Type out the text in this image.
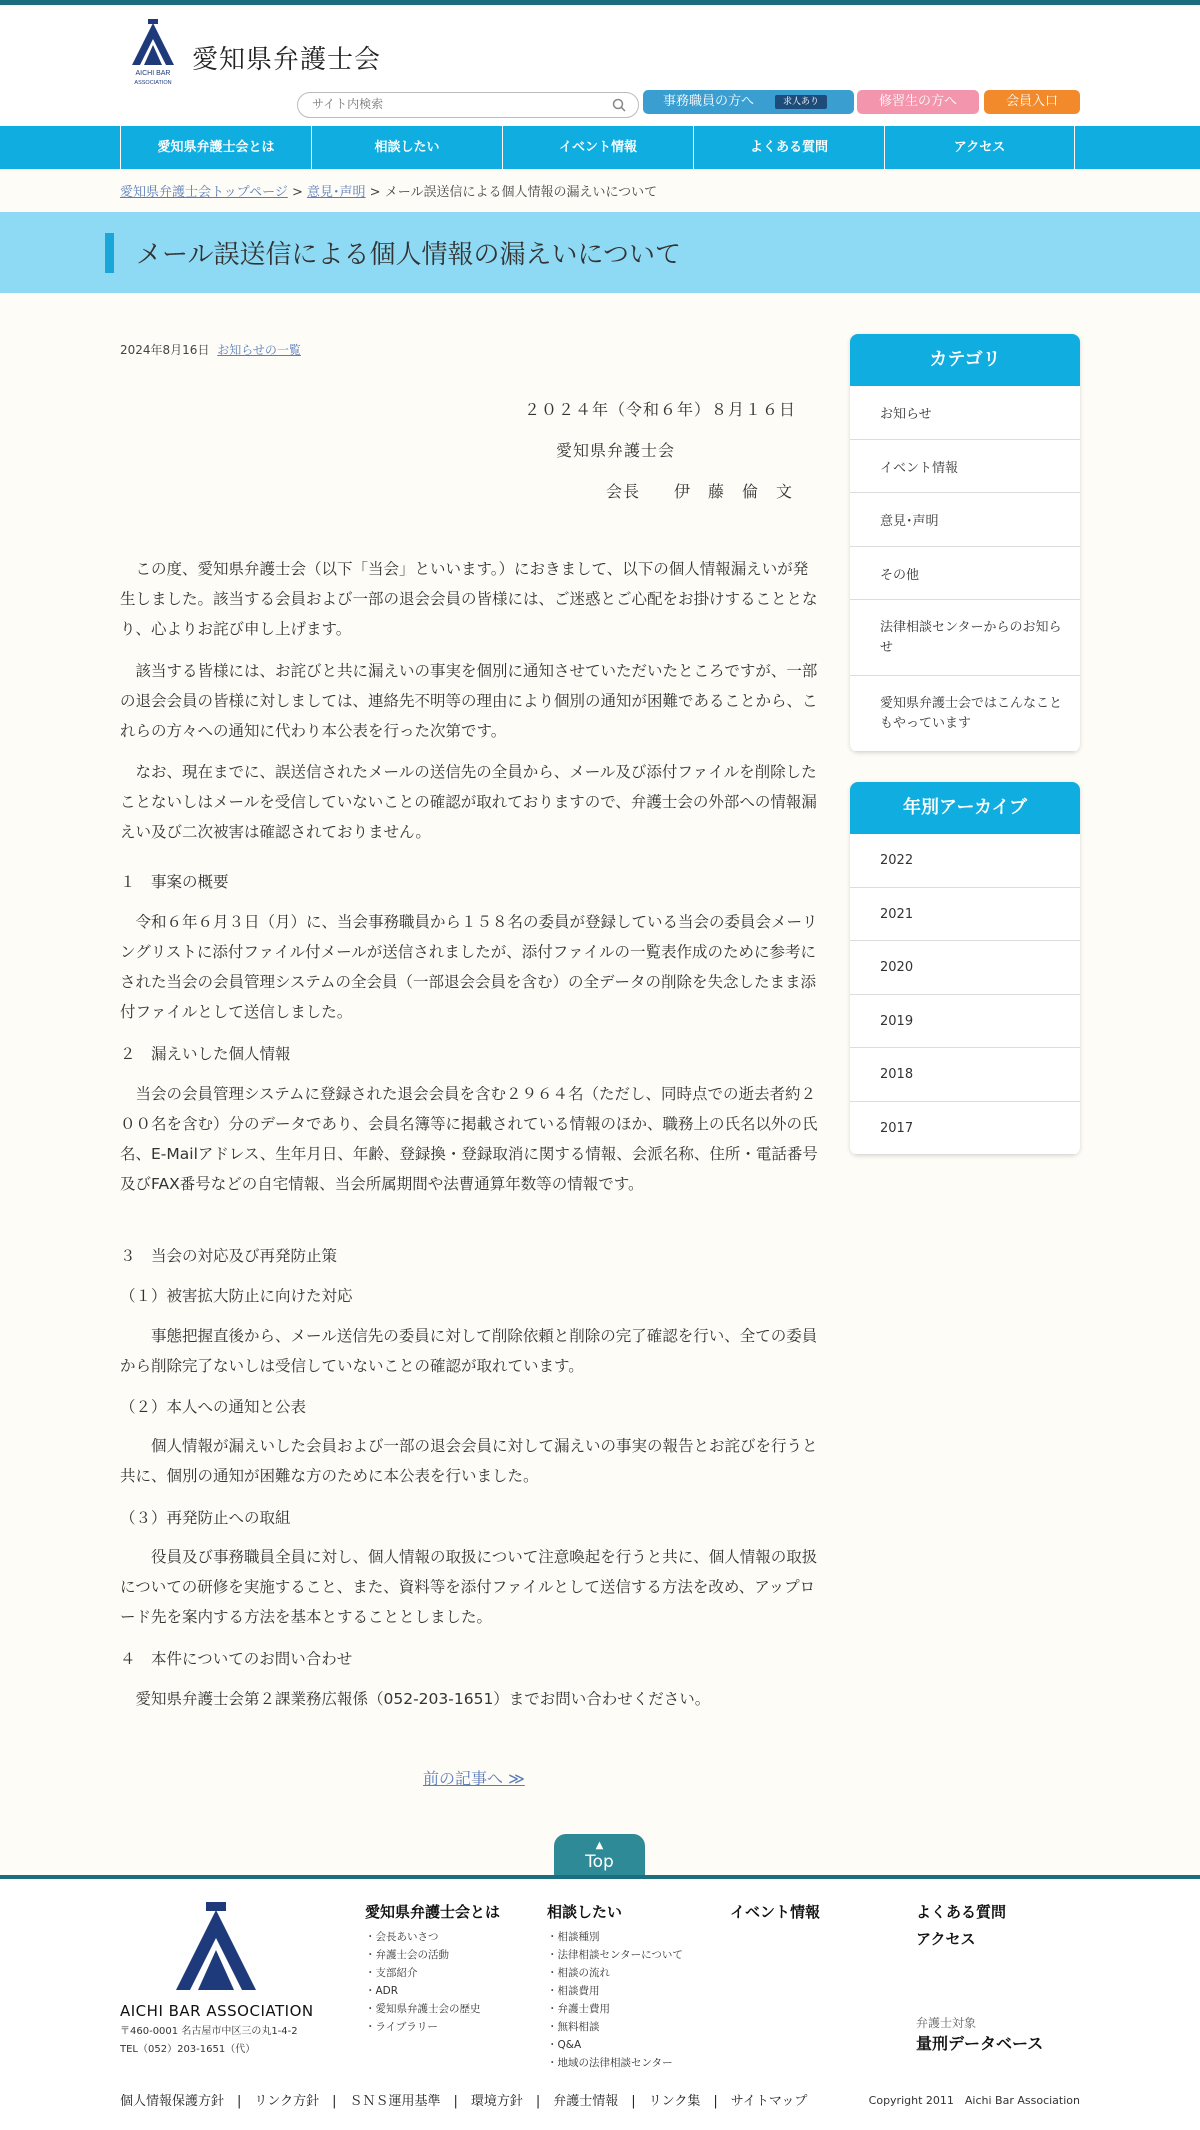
AICHI BAR
ASSOCIATION
愛知県弁護士会
サイト内検索
事務職員の方へ	求人あり	修習生の方へ	会員入口
愛知県弁護士会とは	相談したい	イベント情報	よくある質問	アクセス
愛知県弁護士会トップページ > 意見･声明 > メール誤送信による個人情報の漏えいについて
メール誤送信による個人情報の漏えいについて
2024年8月16日 お知らせの一覧
２０２４年（令和６年）８月１６日
愛知県弁護士会
会長　　伊　藤　倫　文
　この度、愛知県弁護士会（以下「当会」といいます。）におきまして、以下の個人情報漏えいが発生しました。該当する会員および一部の退会会員の皆様には、ご迷惑とご心配をお掛けすることとなり、心よりお詫び申し上げます。
　該当する皆様には、お詫びと共に漏えいの事実を個別に通知させていただいたところですが、一部の退会会員の皆様に対しましては、連絡先不明等の理由により個別の通知が困難であることから、これらの方々への通知に代わり本公表を行った次第です。
　なお、現在までに、誤送信されたメールの送信先の全員から、メール及び添付ファイルを削除したことないしはメールを受信していないことの確認が取れておりますので、弁護士会の外部への情報漏えい及び二次被害は確認されておりません。
１　事案の概要
　令和６年６月３日（月）に、当会事務職員から１５８名の委員が登録している当会の委員会メーリングリストに添付ファイル付メールが送信されましたが、添付ファイルの一覧表作成のために参考にされた当会の会員管理システムの全会員（一部退会会員を含む）の全データの削除を失念したまま添付ファイルとして送信しました。
２　漏えいした個人情報
　当会の会員管理システムに登録された退会会員を含む２９６４名（ただし、同時点での逝去者約２００名を含む）分のデータであり、会員名簿等に掲載されている情報のほか、職務上の氏名以外の氏名、E-Mailアドレス、生年月日、年齢、登録換・登録取消に関する情報、会派名称、住所・電話番号及びFAX番号などの自宅情報、当会所属期間や法曹通算年数等の情報です。
３　当会の対応及び再発防止策
（１）被害拡大防止に向けた対応
　　事態把握直後から、メール送信先の委員に対して削除依頼と削除の完了確認を行い、全ての委員から削除完了ないしは受信していないことの確認が取れています。
（２）本人への通知と公表
　　個人情報が漏えいした会員および一部の退会会員に対して漏えいの事実の報告とお詫びを行うと共に、個別の通知が困難な方のために本公表を行いました。
（３）再発防止への取組
　　役員及び事務職員全員に対し、個人情報の取扱について注意喚起を行うと共に、個人情報の取扱についての研修を実施すること、また、資料等を添付ファイルとして送信する方法を改め、アップロード先を案内する方法を基本とすることとしました。
４　本件についてのお問い合わせ
　愛知県弁護士会第２課業務広報係（052-203-1651）までお問い合わせください。
前の記事へ ≫
カテゴリ
お知らせ
イベント情報
意見･声明
その他
法律相談センターからのお知らせ
愛知県弁護士会ではこんなこともやっています
年別アーカイブ
2022
2021
2020
2019
2018
2017
▲
Top
AICHI BAR ASSOCIATION
〒460-0001 名古屋市中区三の丸1-4-2
TEL（052）203-1651（代）
愛知県弁護士会とは
・会長あいさつ
・弁護士会の活動
・支部紹介
・ADR
・愛知県弁護士会の歴史
・ライブラリー
相談したい
・相談種別
・法律相談センターについて
・相談の流れ
・相談費用
・弁護士費用
・無料相談
・Q&A
・地域の法律相談センター
イベント情報	よくある質問
アクセス
弁護士対象
量刑データベース
個人情報保護方針　|　リンク方針　|　ＳＮＳ運用基準　|　環境方針　|　弁護士情報　|　リンク集　|　サイトマップ	Copyright 2011　Aichi Bar Association
